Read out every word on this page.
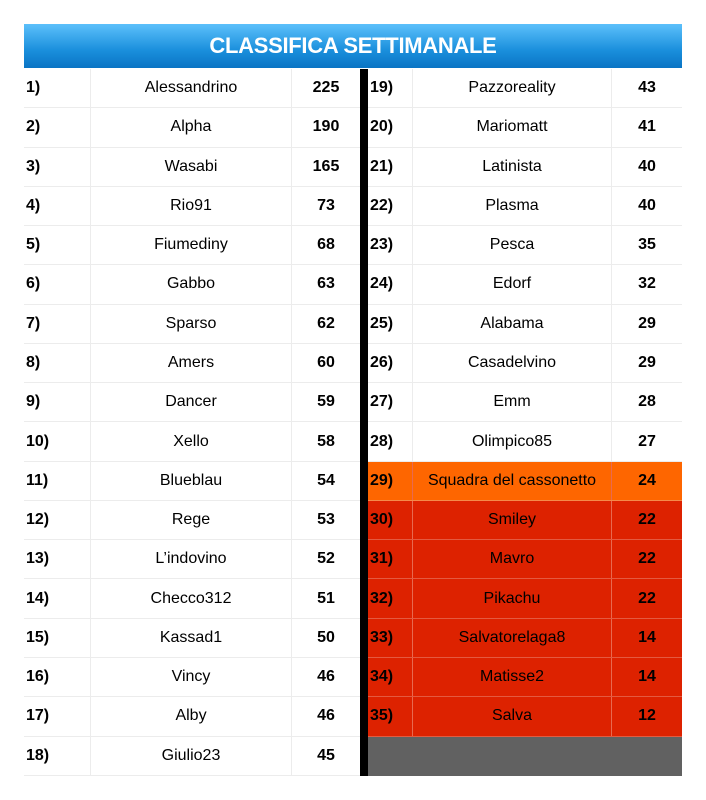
CLASSIFICA SETTIMANALE
1)	Alessandrino	225
2)	Alpha	190
3)	Wasabi	165
4)	Rio91	73
5)	Fiumediny	68
6)	Gabbo	63
7)	Sparso	62
8)	Amers	60
9)	Dancer	59
10)	Xello	58
11)	Blueblau	54
12)	Rege	53
13)	L’indovino	52
14)	Checco312	51
15)	Kassad1	50
16)	Vincy	46
17)	Alby	46
18)	Giulio23	45
19)	Pazzoreality	43
20)	Mariomatt	41
21)	Latinista	40
22)	Plasma	40
23)	Pesca	35
24)	Edorf	32
25)	Alabama	29
26)	Casadelvino	29
27)	Emm	28
28)	Olimpico85	27
29)	Squadra del cassonetto	24
30)	Smiley	22
31)	Mavro	22
32)	Pikachu	22
33)	Salvatorelaga8	14
34)	Matisse2	14
35)	Salva	12
